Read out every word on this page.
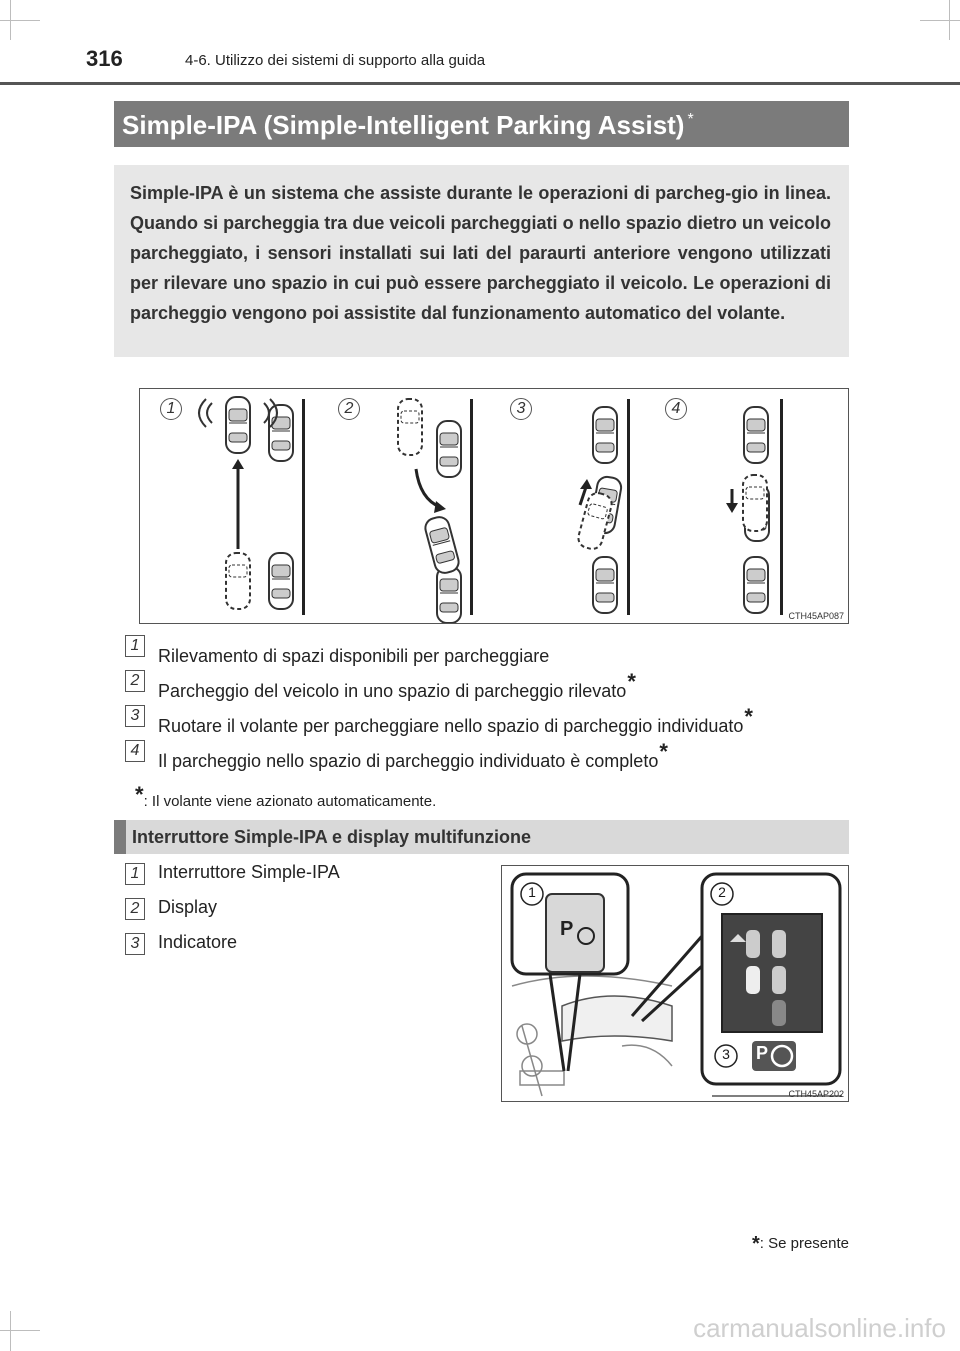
316	4-6. Utilizzo dei sistemi di supporto alla guida
Simple-IPA (Simple-Intelligent Parking Assist) *
Simple-IPA è un sistema che assiste durante le operazioni di parcheg-gio in linea. Quando si parcheggia tra due veicoli parcheggiati o nello spazio dietro un veicolo parcheggiato, i sensori installati sui lati del paraurti anteriore vengono utilizzati per rilevare uno spazio in cui può essere parcheggiato il veicolo. Le operazioni di parcheggio vengono poi assistite dal funzionamento automatico del volante.
1	2	3	4
CTH45AP087
1
Rilevamento di spazi disponibili per parcheggiare
2
Parcheggio del veicolo in uno spazio di parcheggio rilevato*
3
Ruotare il volante per parcheggiare nello spazio di parcheggio individuato*
4
Il parcheggio nello spazio di parcheggio individuato è completo*
*: Il volante viene azionato automaticamente.
Interruttore Simple-IPA e display multifunzione
1	Interruttore Simple-IPA
2	Display
3	Indicatore
1	2
3
P
P
CTH45AP202
*: Se presente
carmanualsonline.info
